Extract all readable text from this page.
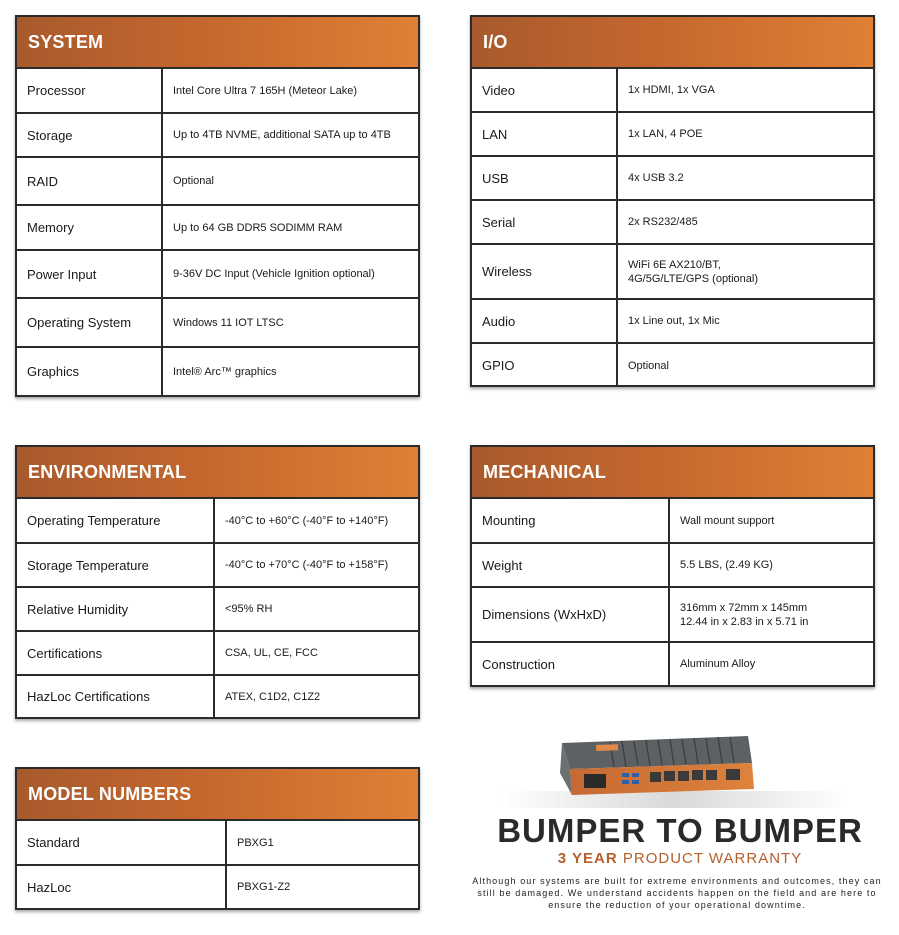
SYSTEM
Processor	Intel Core Ultra 7 165H (Meteor Lake)
Storage	Up to 4TB NVME, additional SATA up to 4TB
RAID	Optional
Memory	Up to 64 GB DDR5 SODIMM RAM
Power Input	9-36V DC Input (Vehicle Ignition optional)
Operating System	Windows 11 IOT LTSC
Graphics	Intel® Arc™ graphics
I/O
Video	1x HDMI, 1x VGA
LAN	1x LAN, 4 POE
USB	4x USB 3.2
Serial	2x RS232/485
Wireless	WiFi 6E AX210/BT,
4G/5G/LTE/GPS (optional)

Audio	1x Line out, 1x Mic
GPIO	Optional
ENVIRONMENTAL
Operating Temperature	-40°C to +60°C (-40°F to +140°F)
Storage Temperature	-40°C to +70°C (-40°F to +158°F)
Relative Humidity	<95% RH
Certifications	CSA, UL, CE, FCC
HazLoc Certifications	ATEX, C1D2, C1Z2
MECHANICAL
Mounting	Wall mount support
Weight	5.5 LBS, (2.49 KG)
Dimensions (WxHxD)	316mm x 72mm x 145mm
12.44 in x 2.83 in x 5.71 in

Construction	Aluminum Alloy
MODEL NUMBERS
Standard	PBXG1
HazLoc	PBXG1-Z2
BUMPER TO BUMPER
3 YEAR PRODUCT WARRANTY
Although our systems are built for extreme environments and outcomes, they can still be damaged. We understand accidents happen on the field and are here to ensure the reduction of your operational downtime.
